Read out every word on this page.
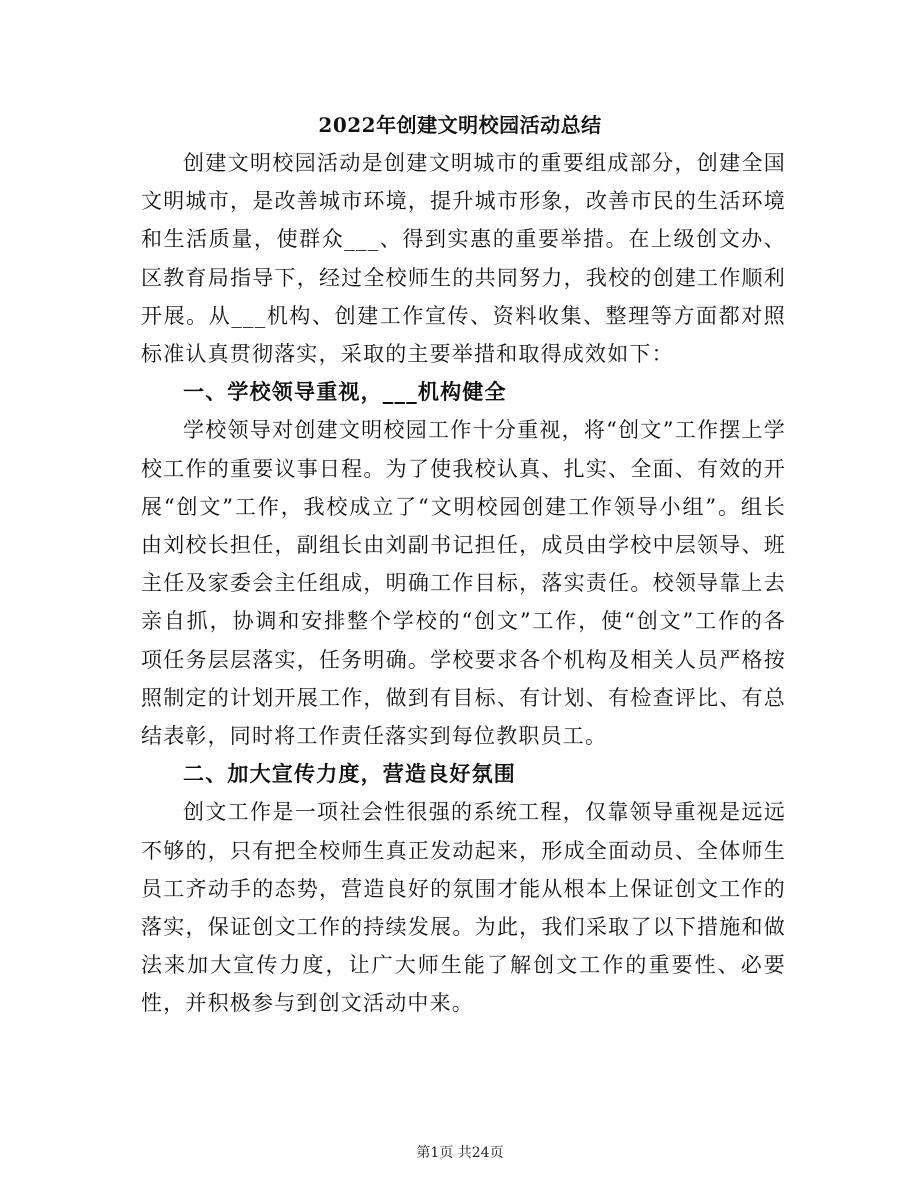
2022年创建文明校园活动总结

创建文明校园活动是创建文明城市的重要组成部分，创建全国文明城市，是改善城市环境，提升城市形象，改善市民的生活环境和生活质量，使群众___、得到实惠的重要举措。在上级创文办、区教育局指导下，经过全校师生的共同努力，我校的创建工作顺利开展。从___机构、创建工作宣传、资料收集、整理等方面都对照标准认真贯彻落实，采取的主要举措和取得成效如下：

一、学校领导重视，___机构健全

学校领导对创建文明校园工作十分重视，将“创文”工作摆上学校工作的重要议事日程。为了使我校认真、扎实、全面、有效的开展“创文”工作，我校成立了“文明校园创建工作领导小组”。组长由刘校长担任，副组长由刘副书记担任，成员由学校中层领导、班主任及家委会主任组成，明确工作目标，落实责任。校领导靠上去亲自抓，协调和安排整个学校的“创文”工作，使“创文”工作的各项任务层层落实，任务明确。学校要求各个机构及相关人员严格按照制定的计划开展工作，做到有目标、有计划、有检查评比、有总结表彰，同时将工作责任落实到每位教职员工。

二、加大宣传力度，营造良好氛围

创文工作是一项社会性很强的系统工程，仅靠领导重视是远远不够的，只有把全校师生真正发动起来，形成全面动员、全体师生员工齐动手的态势，营造良好的氛围才能从根本上保证创文工作的落实，保证创文工作的持续发展。为此，我们采取了以下措施和做法来加大宣传力度，让广大师生能了解创文工作的重要性、必要性，并积极参与到创文活动中来。

第1页 共24页
